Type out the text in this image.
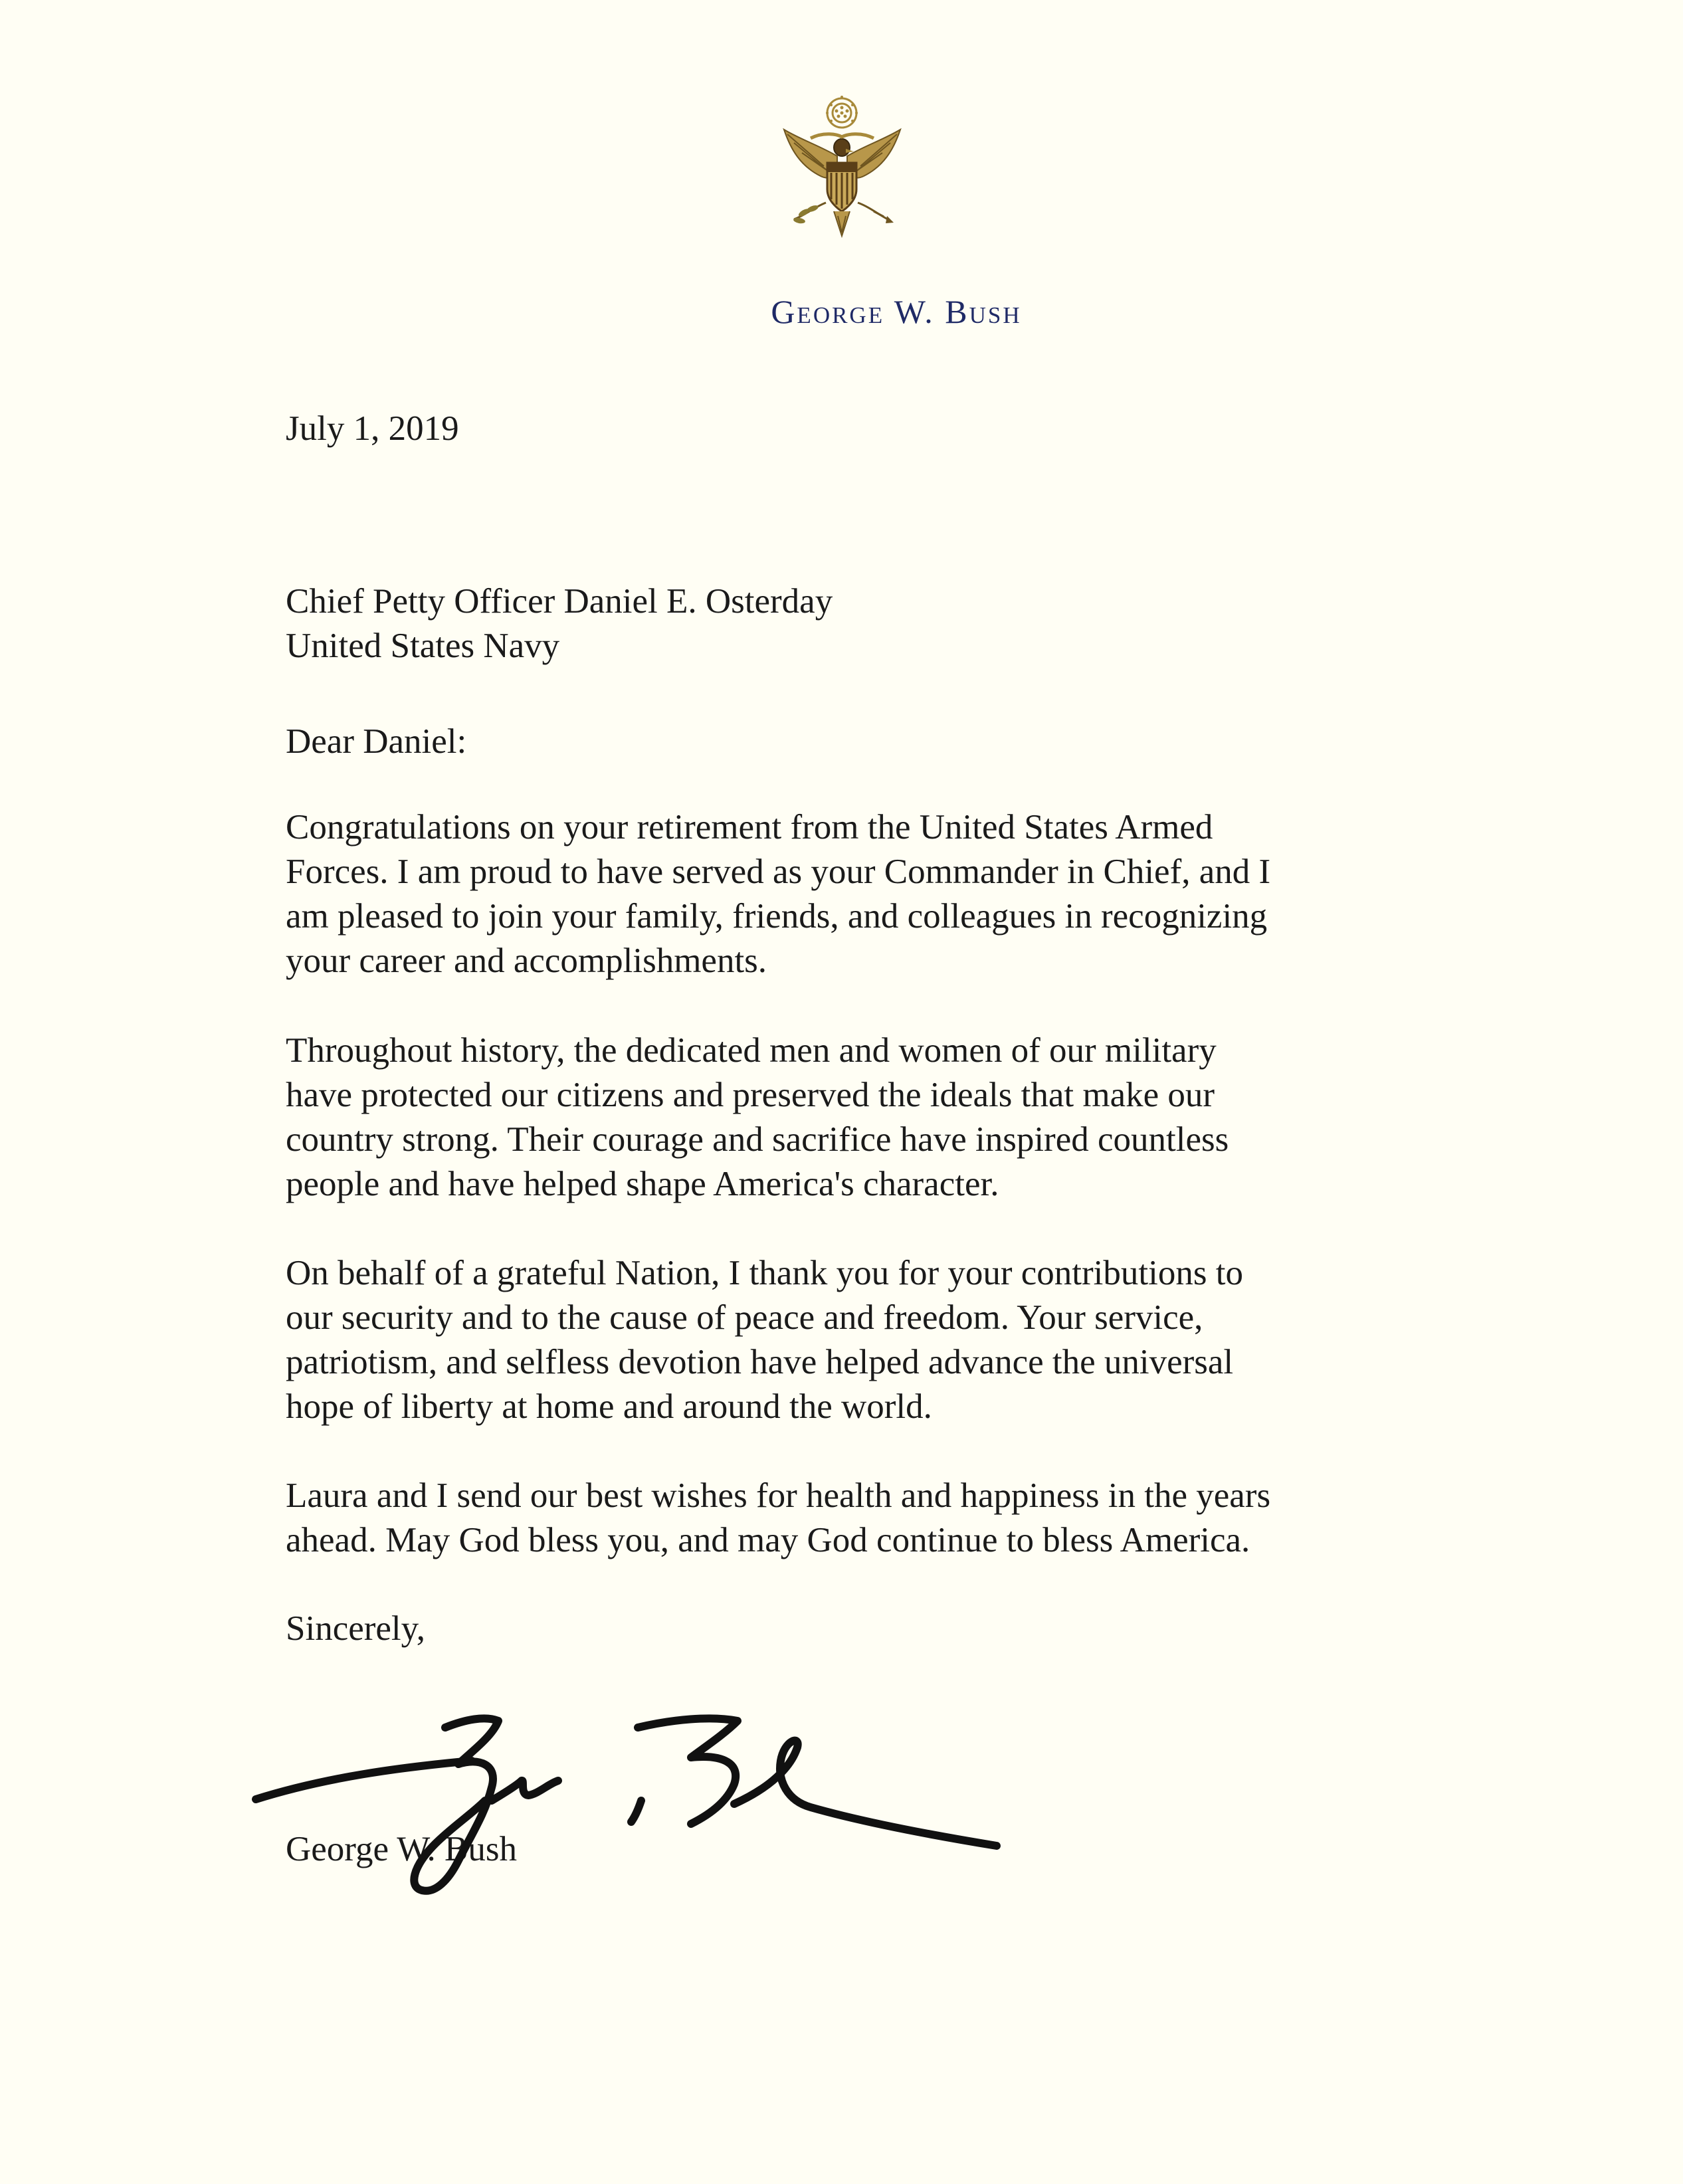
George W. Bush
July 1, 2019
Chief Petty Officer Daniel E. Osterday
United States Navy
Dear Daniel:
Congratulations on your retirement from the United States Armed
Forces. I am proud to have served as your Commander in Chief, and I
am pleased to join your family, friends, and colleagues in recognizing
your career and accomplishments.
Throughout history, the dedicated men and women of our military
have protected our citizens and preserved the ideals that make our
country strong. Their courage and sacrifice have inspired countless
people and have helped shape America's character.
On behalf of a grateful Nation, I thank you for your contributions to
our security and to the cause of peace and freedom. Your service,
patriotism, and selfless devotion have helped advance the universal
hope of liberty at home and around the world.
Laura and I send our best wishes for health and happiness in the years
ahead. May God bless you, and may God continue to bless America.
Sincerely,
George W. Bush
